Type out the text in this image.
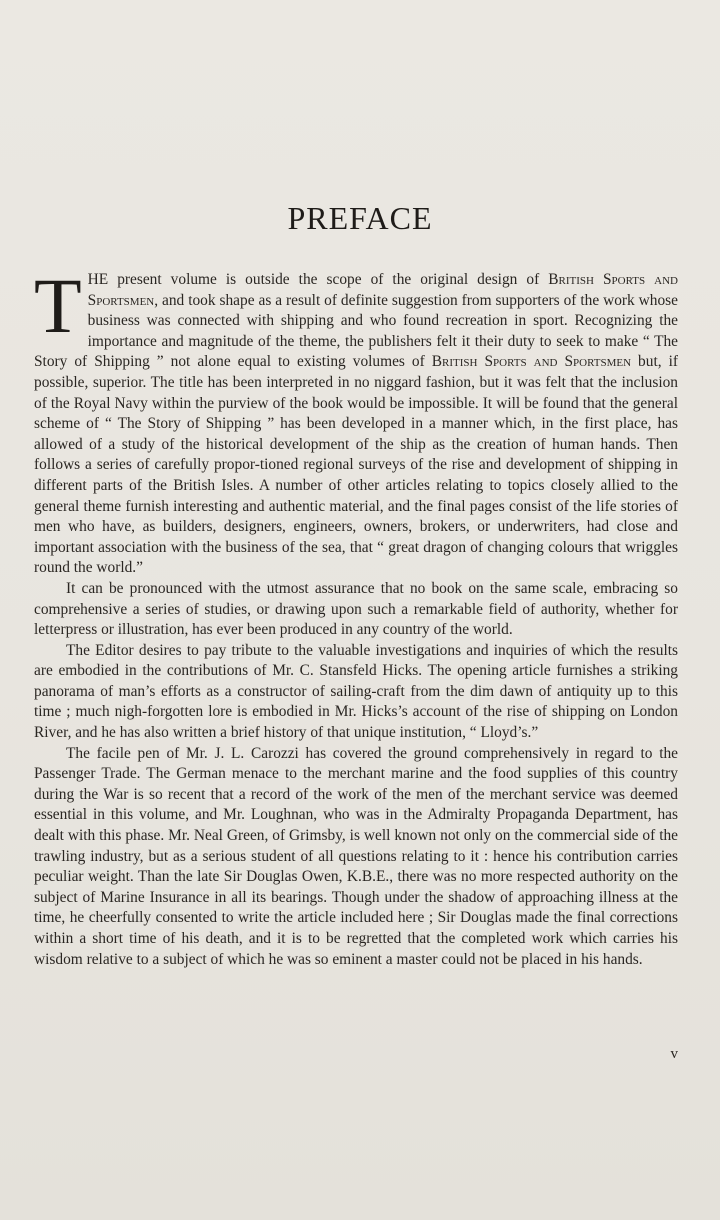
PREFACE

THE present volume is outside the scope of the original design of British Sports and Sportsmen, and took shape as a result of definite suggestion from supporters of the work whose business was connected with shipping and who found recreation in sport. Recognizing the importance and magnitude of the theme, the publishers felt it their duty to seek to make “ The Story of Shipping ” not alone equal to existing volumes of British Sports and Sportsmen but, if possible, superior. The title has been interpreted in no niggard fashion, but it was felt that the inclusion of the Royal Navy within the purview of the book would be impossible. It will be found that the general scheme of “ The Story of Shipping ” has been developed in a manner which, in the first place, has allowed of a study of the historical development of the ship as the creation of human hands. Then follows a series of carefully propor-tioned regional surveys of the rise and development of shipping in different parts of the British Isles. A number of other articles relating to topics closely allied to the general theme furnish interesting and authentic material, and the final pages consist of the life stories of men who have, as builders, designers, engineers, owners, brokers, or underwriters, had close and important association with the business of the sea, that “ great dragon of changing colours that wriggles round the world.”

It can be pronounced with the utmost assurance that no book on the same scale, embracing so comprehensive a series of studies, or drawing upon such a remarkable field of authority, whether for letterpress or illustration, has ever been produced in any country of the world.

The Editor desires to pay tribute to the valuable investigations and inquiries of which the results are embodied in the contributions of Mr. C. Stansfeld Hicks. The opening article furnishes a striking panorama of man’s efforts as a constructor of sailing-craft from the dim dawn of antiquity up to this time ; much nigh-forgotten lore is embodied in Mr. Hicks’s account of the rise of shipping on London River, and he has also written a brief history of that unique institution, “ Lloyd’s.”

The facile pen of Mr. J. L. Carozzi has covered the ground comprehensively in regard to the Passenger Trade. The German menace to the merchant marine and the food supplies of this country during the War is so recent that a record of the work of the men of the merchant service was deemed essential in this volume, and Mr. Loughnan, who was in the Admiralty Propaganda Department, has dealt with this phase. Mr. Neal Green, of Grimsby, is well known not only on the commercial side of the trawling industry, but as a serious student of all questions relating to it : hence his contribution carries peculiar weight. Than the late Sir Douglas Owen, K.B.E., there was no more respected authority on the subject of Marine Insurance in all its bearings. Though under the shadow of approaching illness at the time, he cheerfully consented to write the article included here ; Sir Douglas made the final corrections within a short time of his death, and it is to be regretted that the completed work which carries his wisdom relative to a subject of which he was so eminent a master could not be placed in his hands.

v
